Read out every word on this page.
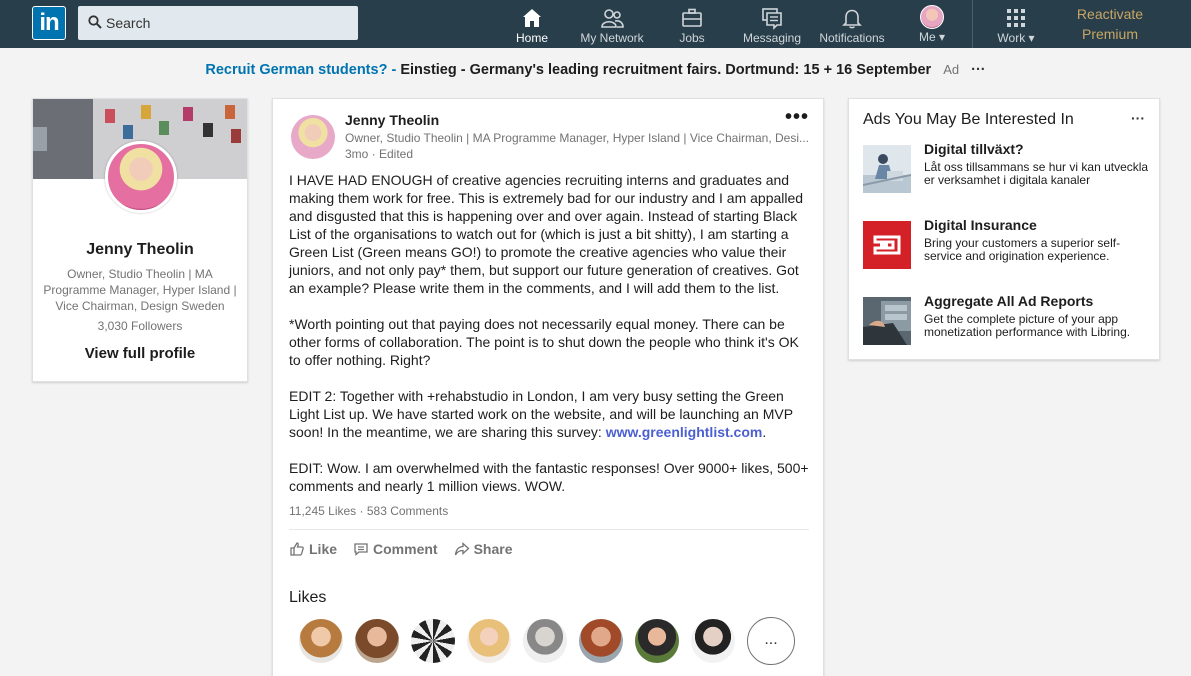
in
Search
Home	My Network	Jobs	Messaging	Notifications	Me ▾	Work ▾
Reactivate
Premium
Recruit German students? - Einstieg - Germany's leading recruitment fairs. Dortmund: 15 + 16 September Ad ···
Jenny Theolin
Owner, Studio Theolin | MA Programme Manager, Hyper Island | Vice Chairman, Design Sweden
3,030 Followers
View full profile
Jenny Theolin
Owner, Studio Theolin | MA Programme Manager, Hyper Island | Vice Chairman, Desi...
3mo · Edited
•••

I HAVE HAD ENOUGH of creative agencies recruiting interns and graduates and making them work for free. This is extremely bad for our industry and I am appalled and disgusted that this is happening over and over again. Instead of starting Black List of the organisations to watch out for (which is just a bit shitty), I am starting a Green List (Green means GO!) to promote the creative agencies who value their juniors, and not only pay* them, but support our future generation of creatives. Got an example? Please write them in the comments, and I will add them to the list.

*Worth pointing out that paying does not necessarily equal money. There can be other forms of collaboration. The point is to shut down the people who think it's OK to offer nothing. Right?

EDIT 2: Together with +rehabstudio in London, I am very busy setting the Green Light List up. We have started work on the website, and will be launching an MVP soon! In the meantime, we are sharing this survey: www.greenlightlist.com.

EDIT: Wow. I am overwhelmed with the fantastic responses! Over 9000+ likes, 500+ comments and nearly 1 million views. WOW.

11,245 Likes · 583 Comments
Like	Comment	Share
Likes
...
Ads You May Be Interested In	···
Digital tillväxt?
Låt oss tillsammans se hur vi kan utveckla er verksamhet i digitala kanaler
Digital Insurance
Bring your customers a superior self-service and origination experience.
Aggregate All Ad Reports
Get the complete picture of your app monetization performance with Libring.
